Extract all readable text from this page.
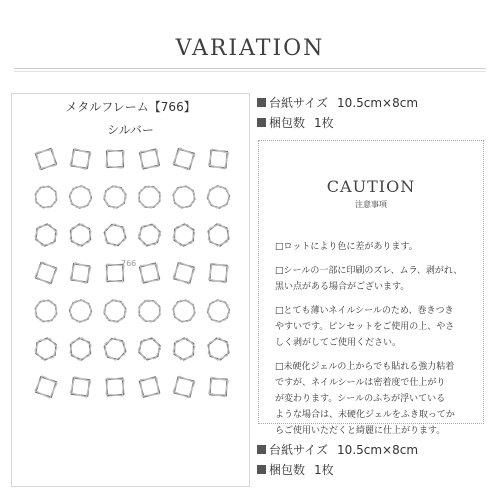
VARIATION
メタルフレーム【766】
シルバー
766
台紙サイズ 10.5cm×8cm
梱包数 1枚
CAUTION
注意事項
□ロットにより色に差があります。
□シールの一部に印刷のズレ、ムラ、剥がれ、
黒い点がある場合がございます。
□とても薄いネイルシールのため、巻きつき
やすいです。ピンセットをご使用の上、やさ
しく剥がしてご使用ください。
□未硬化ジェルの上からでも貼れる強力粘着
ですが、ネイルシールは密着度で仕上がり
が変わります。シールのふちが浮いている
ような場合は、未硬化ジェルをふき取ってか
らご使用いただくと綺麗に仕上がります。
台紙サイズ 10.5cm×8cm
梱包数 1枚
